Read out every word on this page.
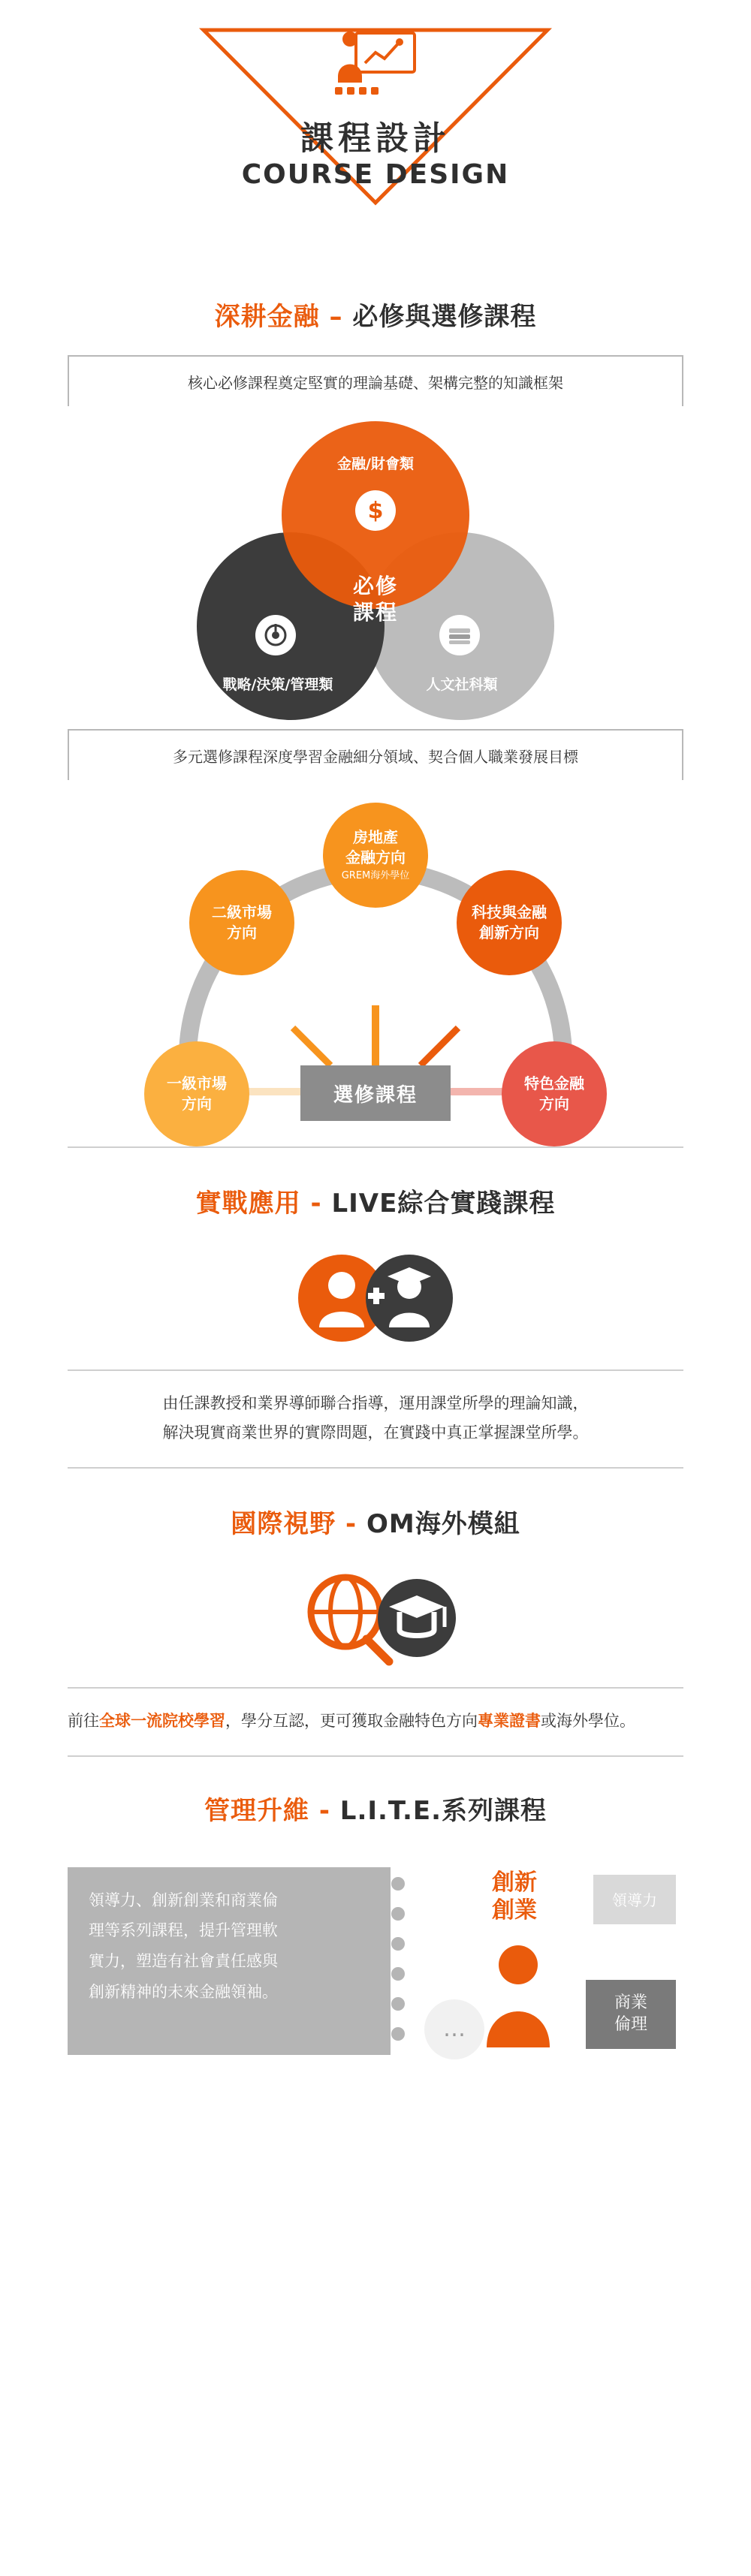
課程設計
COURSE DESIGN
深耕金融 – 必修與選修課程
核心必修課程奠定堅實的理論基礎、架構完整的知識框架
金融/財會類
戰略/決策/管理類	人文社科類
$
必修
課程
多元選修課程深度學習金融細分領域、契合個人職業發展目標
房地產
金融方向
GREM海外學位
科技與金融
創新方向
特色金融
方向
一級市場
方向
二級市場
方向
選修課程
實戰應用 - LIVE綜合實踐課程
由任課教授和業界導師聯合指導，運用課堂所學的理論知識，
解決現實商業世界的實際問題，在實踐中真正掌握課堂所學。
國際視野 - OM海外模組
前往全球一流院校學習，學分互認，更可獲取金融特色方向專業證書或海外學位。
管理升維 - L.I.T.E.系列課程
領導力、創新創業和商業倫
理等系列課程，提升管理軟
實力，塑造有社會責任感與
創新精神的未來金融領袖。
創新
創業	領導力
商業
倫理
…
